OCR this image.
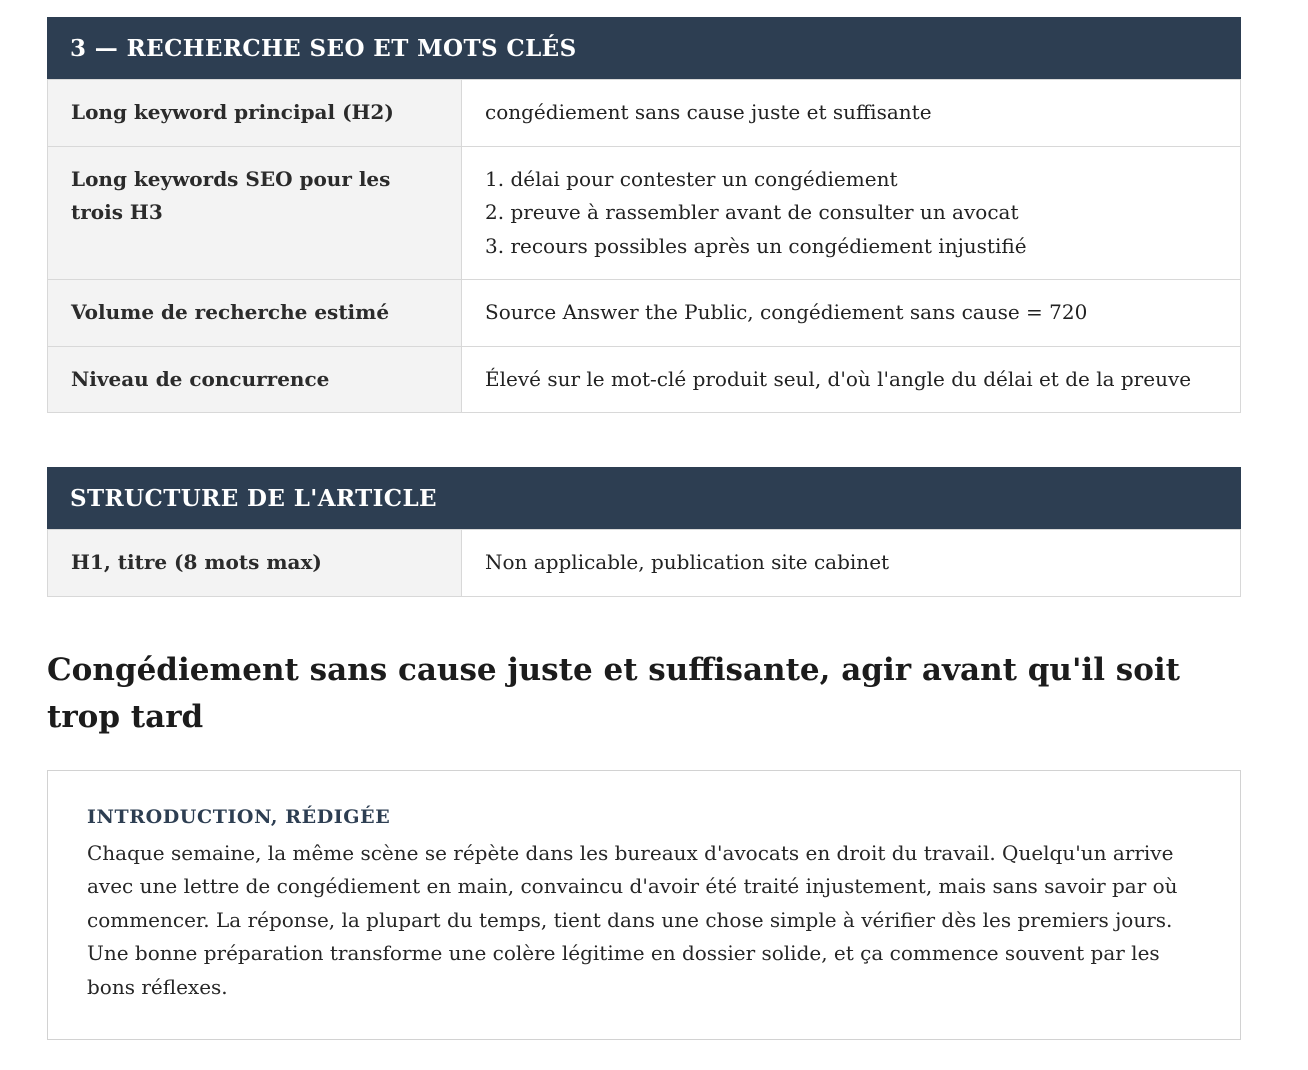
3 — RECHERCHE SEO ET MOTS CLÉS
Long keyword principal (H2)	congédiement sans cause juste et suffisante
Long keywords SEO pour les trois H3	1. délai pour contester un congédiement
2. preuve à rassembler avant de consulter un avocat
3. recours possibles après un congédiement injustifié

Volume de recherche estimé	Source Answer the Public, congédiement sans cause = 720
Niveau de concurrence	Élevé sur le mot-clé produit seul, d'où l'angle du délai et de la preuve
STRUCTURE DE L'ARTICLE
H1, titre (8 mots max)	Non applicable, publication site cabinet
Congédiement sans cause juste et suffisante, agir avant qu'il soit trop tard
INTRODUCTION, RÉDIGÉE
Chaque semaine, la même scène se répète dans les bureaux d'avocats en droit du travail. Quelqu'un arrive avec une lettre de congédiement en main, convaincu d'avoir été traité injustement, mais sans savoir par où commencer. La réponse, la plupart du temps, tient dans une chose simple à vérifier dès les premiers jours. Une bonne préparation transforme une colère légitime en dossier solide, et ça commence souvent par les bons réflexes.
